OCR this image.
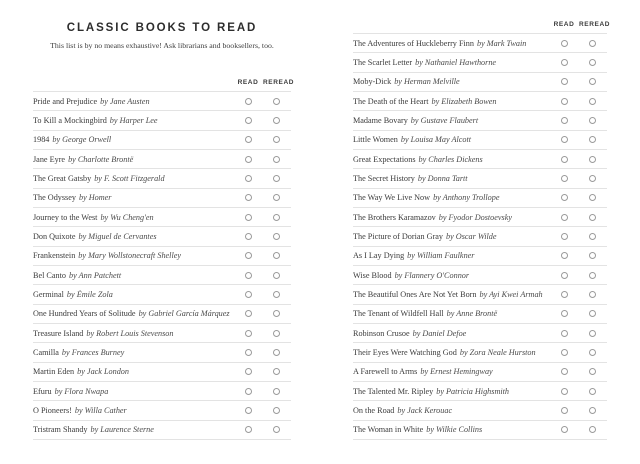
CLASSIC BOOKS TO READ
This list is by no means exhaustive! Ask librarians and booksellers, too.
READ REREAD
Pride and Prejudice by Jane Austen
To Kill a Mockingbird by Harper Lee
1984 by George Orwell
Jane Eyre by Charlotte Brontë
The Great Gatsby by F. Scott Fitzgerald
The Odyssey by Homer
Journey to the West by Wu Cheng'en
Don Quixote by Miguel de Cervantes
Frankenstein by Mary Wollstonecraft Shelley
Bel Canto by Ann Patchett
Germinal by Émile Zola
One Hundred Years of Solitude by Gabriel García Márquez
Treasure Island by Robert Louis Stevenson
Camilla by Frances Burney
Martin Eden by Jack London
Efuru by Flora Nwapa
O Pioneers! by Willa Cather
Tristram Shandy by Laurence Sterne
READ REREAD
The Adventures of Huckleberry Finn by Mark Twain
The Scarlet Letter by Nathaniel Hawthorne
Moby-Dick by Herman Melville
The Death of the Heart by Elizabeth Bowen
Madame Bovary by Gustave Flaubert
Little Women by Louisa May Alcott
Great Expectations by Charles Dickens
The Secret History by Donna Tartt
The Way We Live Now by Anthony Trollope
The Brothers Karamazov by Fyodor Dostoevsky
The Picture of Dorian Gray by Oscar Wilde
As I Lay Dying by William Faulkner
Wise Blood by Flannery O'Connor
The Beautiful Ones Are Not Yet Born by Ayi Kwei Armah
The Tenant of Wildfell Hall by Anne Brontë
Robinson Crusoe by Daniel Defoe
Their Eyes Were Watching God by Zora Neale Hurston
A Farewell to Arms by Ernest Hemingway
The Talented Mr. Ripley by Patricia Highsmith
On the Road by Jack Kerouac
The Woman in White by Wilkie Collins
